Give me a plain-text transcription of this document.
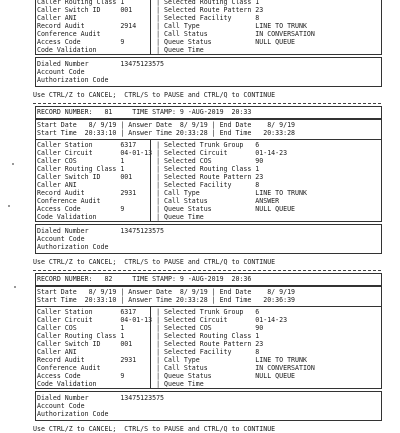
Caller Routing Class 1        | Selected Routing Class 1
Caller Switch ID     001      | Selected Route Pattern 23
Caller ANI                    | Selected Facility      8
Record Audit         2914     | Call Type              LINE TO TRUNK
Conference Audit              | Call Status            IN CONVERSATION
Access Code          9        | Queue Status           NULL QUEUE
Code Validation               | Queue Time
Dialed Number        13475123575
Account Code
Authorization Code
Use CTRL/Z to CANCEL;  CTRL/S to PAUSE and CTRL/Q to CONTINUE
RECORD NUMBER:   81     TIME STAMP: 9 -AUG-2019  20:33
Start Date   8/ 9/19 | Answer Date  8/ 9/19 | End Date    8/ 9/19
Start Time  20:33:10 | Answer Time 20:33:28 | End Time   20:33:28
Caller Station       6317     | Selected Trunk Group   6
Caller Circuit       04-01-13 | Selected Circuit       01-14-23
Caller COS           1        | Selected COS           90
Caller Routing Class 1        | Selected Routing Class 1
Caller Switch ID     001      | Selected Route Pattern 23
Caller ANI                    | Selected Facility      8
Record Audit         2931     | Call Type              LINE TO TRUNK
Conference Audit              | Call Status            ANSWER
Access Code          9        | Queue Status           NULL QUEUE
Code Validation               | Queue Time
Dialed Number        13475123575
Account Code
Authorization Code
Use CTRL/Z to CANCEL;  CTRL/S to PAUSE and CTRL/Q to CONTINUE
RECORD NUMBER:   82     TIME STAMP: 9 -AUG-2019  20:36
Start Date   8/ 9/19 | Answer Date  8/ 9/19 | End Date    8/ 9/19
Start Time  20:33:10 | Answer Time 20:33:28 | End Time   20:36:39
Caller Station       6317     | Selected Trunk Group   6
Caller Circuit       04-01-13 | Selected Circuit       01-14-23
Caller COS           1        | Selected COS           90
Caller Routing Class 1        | Selected Routing Class 1
Caller Switch ID     001      | Selected Route Pattern 23
Caller ANI                    | Selected Facility      8
Record Audit         2931     | Call Type              LINE TO TRUNK
Conference Audit              | Call Status            IN CONVERSATION
Access Code          9        | Queue Status           NULL QUEUE
Code Validation               | Queue Time
Dialed Number        13475123575
Account Code
Authorization Code
Use CTRL/Z to CANCEL;  CTRL/S to PAUSE and CTRL/Q to CONTINUE
